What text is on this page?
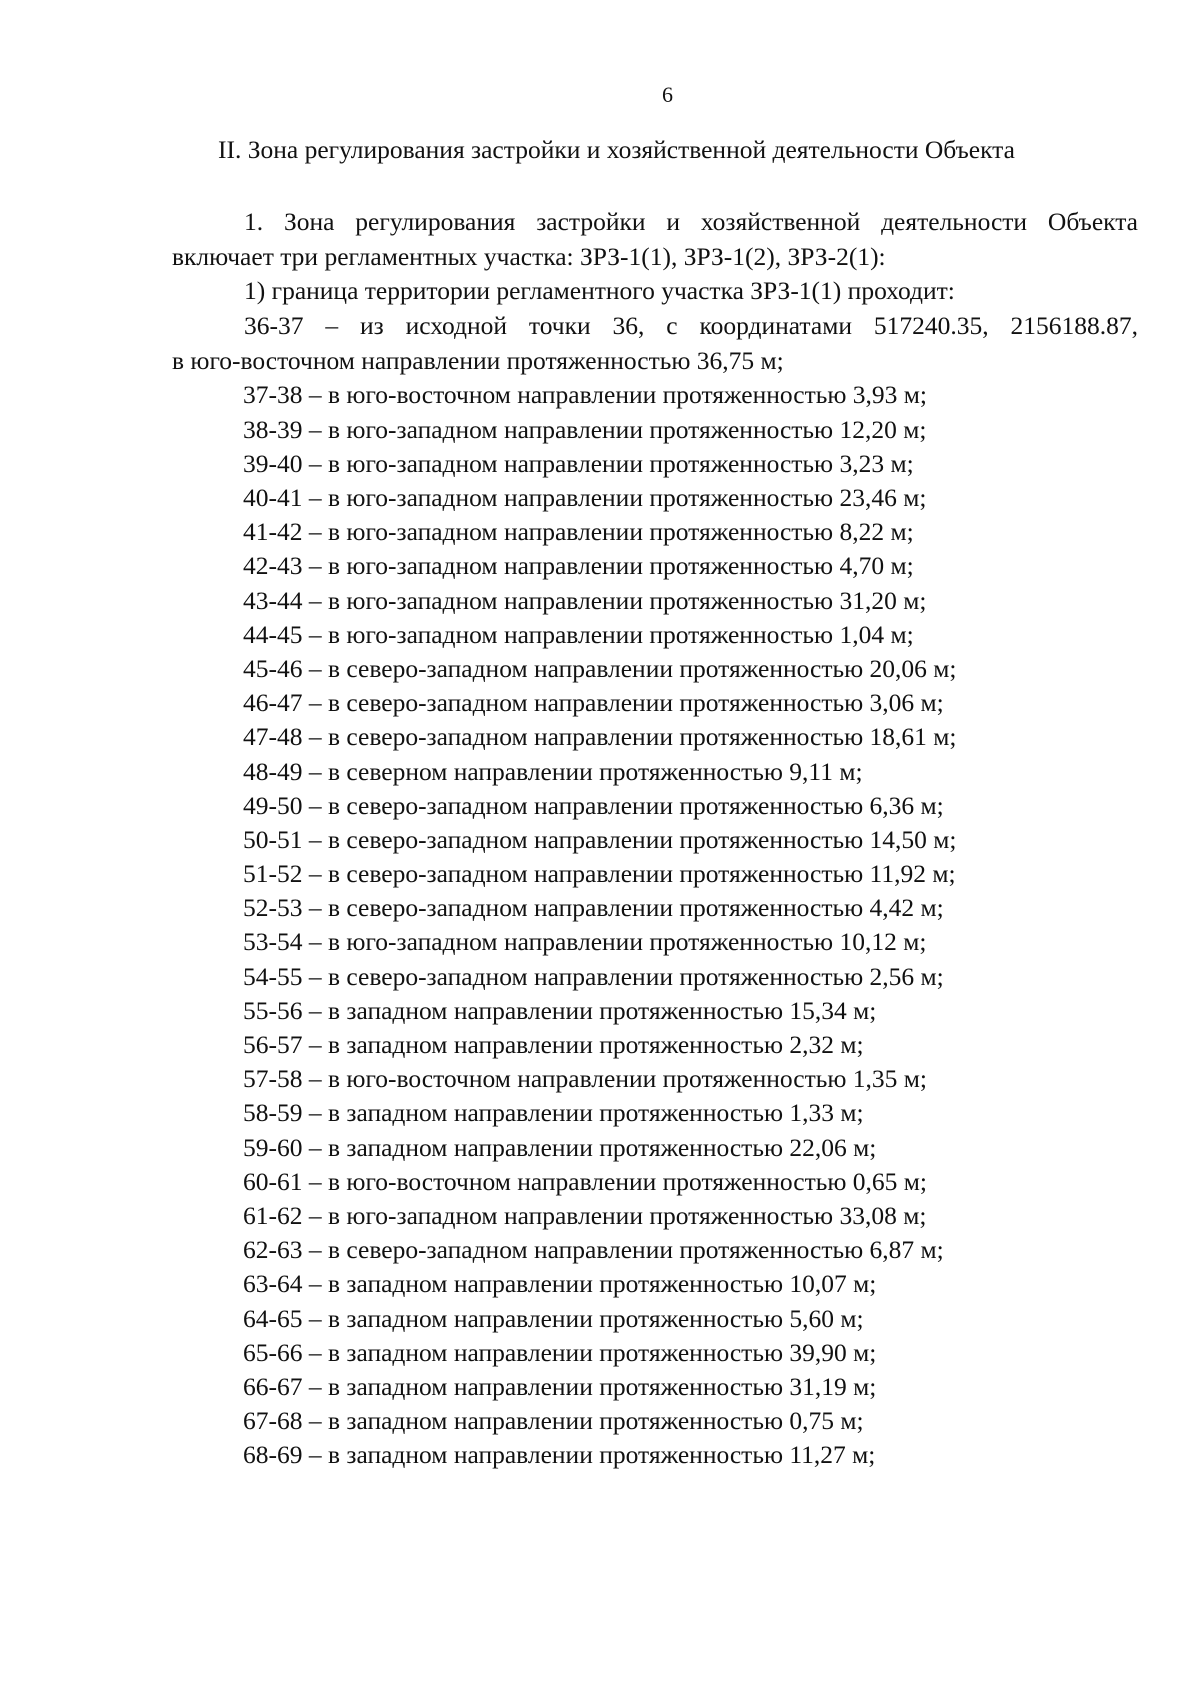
6
II. Зона регулирования застройки и хозяйственной деятельности Объекта
1. Зона регулирования застройки и хозяйственной деятельности Объекта
включает три регламентных участка: ЗРЗ-1(1), ЗРЗ-1(2), ЗРЗ-2(1):
1) граница территории регламентного участка ЗРЗ-1(1) проходит:
36-37 – из исходной точки 36, с координатами 517240.35, 2156188.87,
в юго-восточном направлении протяженностью 36,75 м;
37-38 – в юго-восточном направлении протяженностью 3,93 м;
38-39 – в юго-западном направлении протяженностью 12,20 м;
39-40 – в юго-западном направлении протяженностью 3,23 м;
40-41 – в юго-западном направлении протяженностью 23,46 м;
41-42 – в юго-западном направлении протяженностью 8,22 м;
42-43 – в юго-западном направлении протяженностью 4,70 м;
43-44 – в юго-западном направлении протяженностью 31,20 м;
44-45 – в юго-западном направлении протяженностью 1,04 м;
45-46 – в северо-западном направлении протяженностью 20,06 м;
46-47 – в северо-западном направлении протяженностью 3,06 м;
47-48 – в северо-западном направлении протяженностью 18,61 м;
48-49 – в северном направлении протяженностью 9,11 м;
49-50 – в северо-западном направлении протяженностью 6,36 м;
50-51 – в северо-западном направлении протяженностью 14,50 м;
51-52 – в северо-западном направлении протяженностью 11,92 м;
52-53 – в северо-западном направлении протяженностью 4,42 м;
53-54 – в юго-западном направлении протяженностью 10,12 м;
54-55 – в северо-западном направлении протяженностью 2,56 м;
55-56 – в западном направлении протяженностью 15,34 м;
56-57 – в западном направлении протяженностью 2,32 м;
57-58 – в юго-восточном направлении протяженностью 1,35 м;
58-59 – в западном направлении протяженностью 1,33 м;
59-60 – в западном направлении протяженностью 22,06 м;
60-61 – в юго-восточном направлении протяженностью 0,65 м;
61-62 – в юго-западном направлении протяженностью 33,08 м;
62-63 – в северо-западном направлении протяженностью 6,87 м;
63-64 – в западном направлении протяженностью 10,07 м;
64-65 – в западном направлении протяженностью 5,60 м;
65-66 – в западном направлении протяженностью 39,90 м;
66-67 – в западном направлении протяженностью 31,19 м;
67-68 – в западном направлении протяженностью 0,75 м;
68-69 – в западном направлении протяженностью 11,27 м;
